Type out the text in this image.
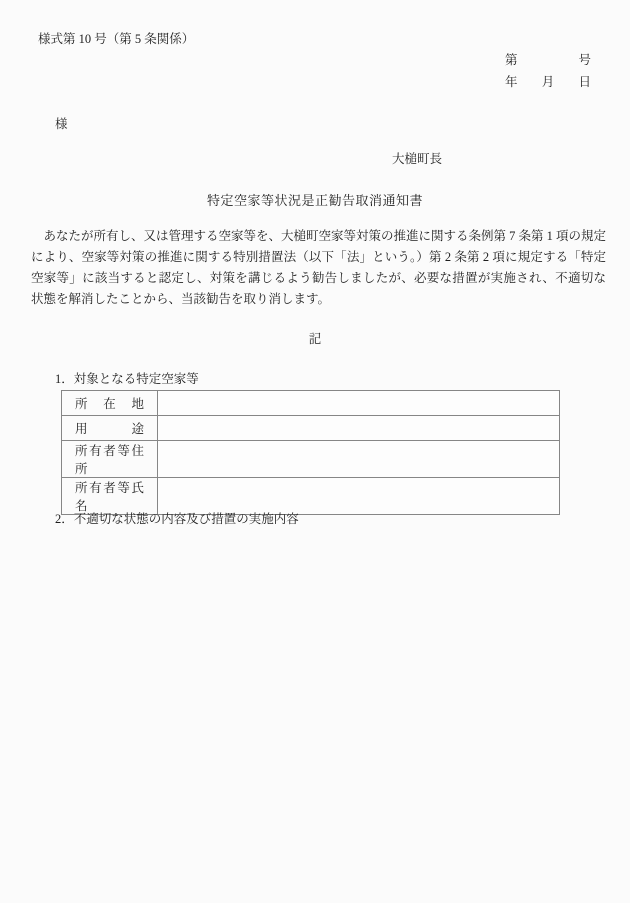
様式第 10 号（第 5 条関係）
第	号
年 月 日
様
大槌町長
特定空家等状況是正勧告取消通知書
あなたが所有し、又は管理する空家等を、大槌町空家等対策の推進に関する条例第 7 条第 1 項の規定により、空家等対策の推進に関する特別措置法（以下「法」という。）第 2 条第 2 項に規定する「特定空家等」に該当すると認定し、対策を講じるよう勧告しましたが、必要な措置が実施され、不適切な状態を解消したことから、当該勧告を取り消します。
記
1．対象となる特定空家等
所在地	
用途	
所有者等住所	
所有者等氏名	
2．不適切な状態の内容及び措置の実施内容
